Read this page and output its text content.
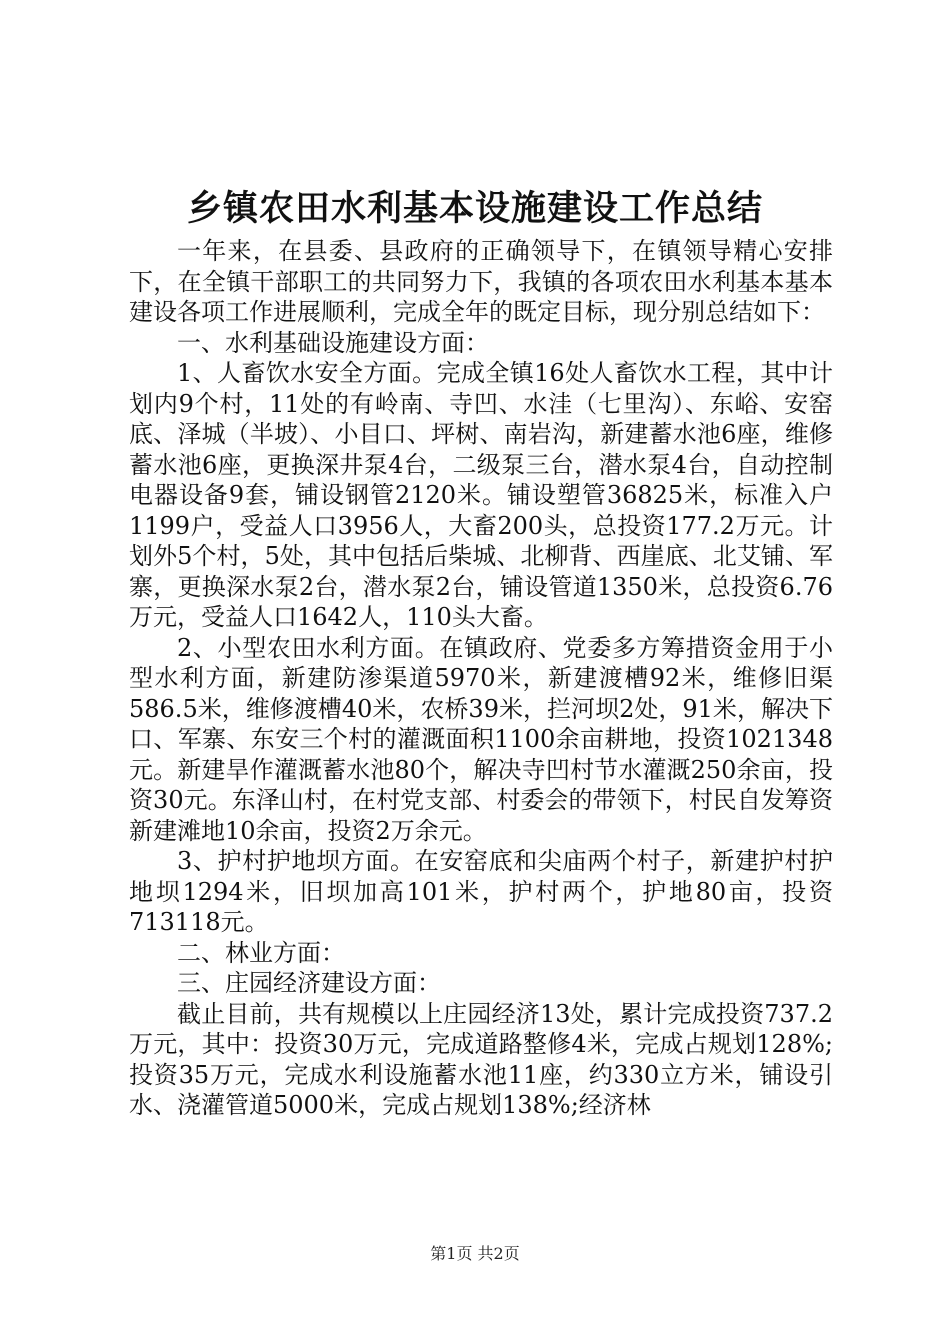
乡镇农田水利基本设施建设工作总结

一年来，在县委、县政府的正确领导下，在镇领导精心安排下，在全镇干部职工的共同努力下，我镇的各项农田水利基本基本建设各项工作进展顺利，完成全年的既定目标，现分别总结如下：

一、水利基础设施建设方面：

1、人畜饮水安全方面。完成全镇16处人畜饮水工程，其中计划内9个村，11处的有岭南、寺凹、水洼（七里沟）、东峪、安窑底、泽城（半坡）、小目口、坪树、南岩沟，新建蓄水池6座，维修蓄水池6座，更换深井泵4台，二级泵三台，潜水泵4台，自动控制电器设备9套，铺设钢管2120米。铺设塑管36825米，标准入户1199户，受益人口3956人，大畜200头，总投资177.2万元。计划外5个村，5处，其中包括后柴城、北柳背、西崖底、北艾铺、军寨，更换深水泵2台，潜水泵2台，铺设管道1350米，总投资6.76万元，受益人口1642人，110头大畜。

2、小型农田水利方面。在镇政府、党委多方筹措资金用于小型水利方面，新建防渗渠道5970米，新建渡槽92米，维修旧渠586.5米，维修渡槽40米，农桥39米，拦河坝2处，91米，解决下口、军寨、东安三个村的灌溉面积1100余亩耕地，投资1021348元。新建旱作灌溉蓄水池80个，解决寺凹村节水灌溉250余亩，投资30元。东泽山村，在村党支部、村委会的带领下，村民自发筹资新建滩地10余亩，投资2万余元。

3、护村护地坝方面。在安窑底和尖庙两个村子，新建护村护地坝1294米，旧坝加高101米，护村两个，护地80亩，投资713118元。

二、林业方面：

三、庄园经济建设方面：

截止目前，共有规模以上庄园经济13处，累计完成投资737.2万元，其中：投资30万元，完成道路整修4米，完成占规划128%;投资35万元，完成水利设施蓄水池11座，约330立方米，铺设引水、浇灌管道5000米，完成占规划138%;经济林

第1页 共2页
